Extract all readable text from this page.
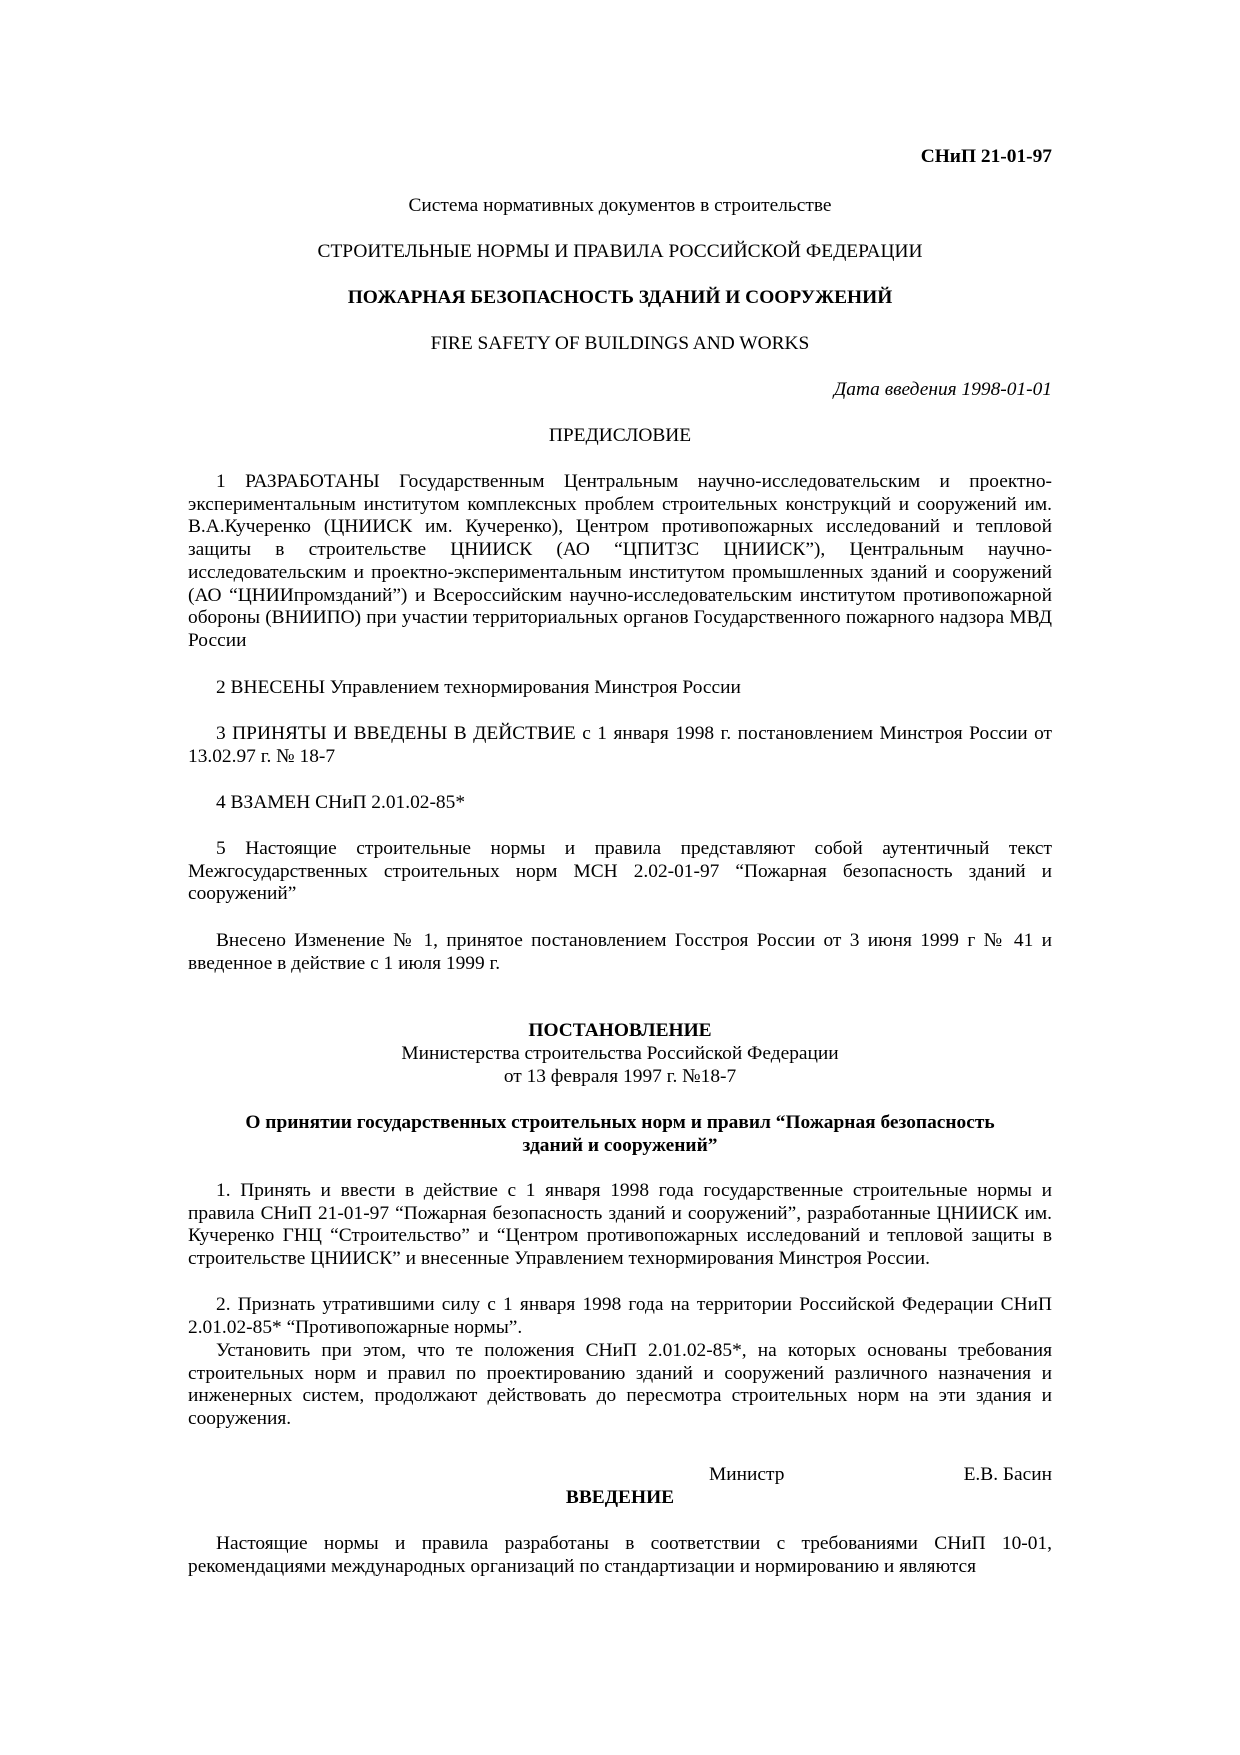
СНиП 21-01-97
Система нормативных документов в строительстве
СТРОИТЕЛЬНЫЕ НОРМЫ И ПРАВИЛА РОССИЙСКОЙ ФЕДЕРАЦИИ
ПОЖАРНАЯ БЕЗОПАСНОСТЬ ЗДАНИЙ И СООРУЖЕНИЙ
FIRE SAFETY OF BUILDINGS AND WORKS
Дата введения 1998-01-01
ПРЕДИСЛОВИЕ
1 РАЗРАБОТАНЫ Государственным Центральным научно-исследовательским и проектно-экспериментальным институтом комплексных проблем строительных конструкций и сооружений им. В.А.Кучеренко (ЦНИИСК им. Кучеренко), Центром противопожарных исследований и тепловой защиты в строительстве ЦНИИСК (АО “ЦПИТЗС ЦНИИСК”), Центральным научно-исследовательским и проектно-экспериментальным институтом промышленных зданий и сооружений (АО “ЦНИИпромзданий”) и Всероссийским научно-исследовательским институтом противопожарной обороны (ВНИИПО) при участии территориальных органов Государственного пожарного надзора МВД России
2 ВНЕСЕНЫ Управлением технормирования Минстроя России
3 ПРИНЯТЫ И ВВЕДЕНЫ В ДЕЙСТВИЕ с 1 января 1998 г. постановлением Минстроя России от 13.02.97 г. № 18-7
4 ВЗАМЕН СНиП 2.01.02-85*
5 Настоящие строительные нормы и правила представляют собой аутентичный текст Межгосударственных строительных норм МСН 2.02-01-97 “Пожарная безопасность зданий и сооружений”
Внесено Изменение № 1, принятое постановлением Госстроя России от 3 июня 1999 г № 41 и введенное в действие с 1 июля 1999 г.
ПОСТАНОВЛЕНИЕ
Министерства строительства Российской Федерации
от 13 февраля 1997 г. №18-7
О принятии государственных строительных норм и правил “Пожарная безопасность
зданий и сооружений”
1. Принять и ввести в действие с 1 января 1998 года государственные строительные нормы и правила СНиП 21-01-97 “Пожарная безопасность зданий и сооружений”, разработанные ЦНИИСК им. Кучеренко ГНЦ “Строительство” и “Центром противопожарных исследований и тепловой защиты в строительстве ЦНИИСК” и внесенные Управлением технормирования Минстроя России.
2. Признать утратившими силу с 1 января 1998 года на территории Российской Федерации СНиП 2.01.02-85* “Противопожарные нормы”.
Установить при этом, что те положения СНиП 2.01.02-85*, на которых основаны требования строительных норм и правил по проектированию зданий и сооружений различного назначения и инженерных систем, продолжают действовать до пересмотра строительных норм на эти здания и сооружения.
Министр	Е.В. Басин
ВВЕДЕНИЕ
Настоящие нормы и правила разработаны в соответствии с требованиями СНиП 10-01, рекомендациями международных организаций по стандартизации и нормированию и являются
